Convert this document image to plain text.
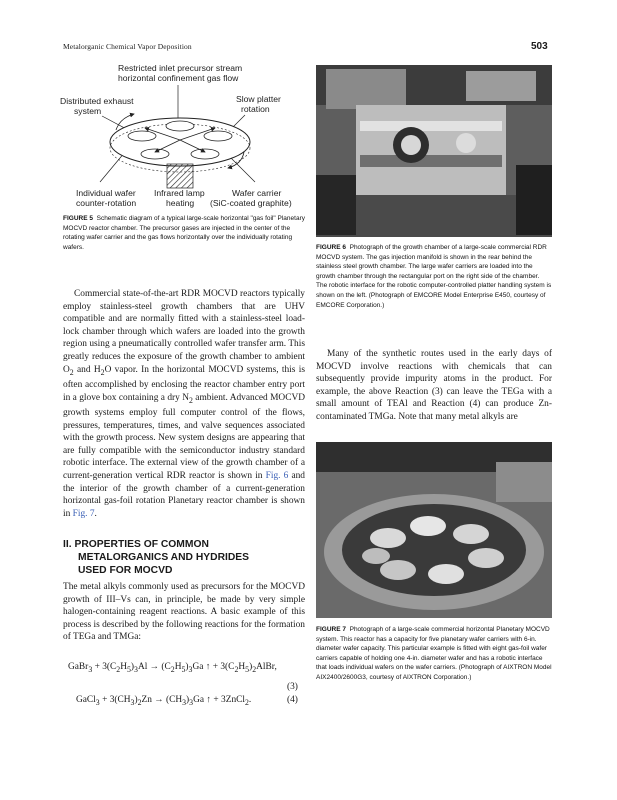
Metalorganic Chemical Vapor Deposition	503
Restricted inlet precursor stream
horizontal confinement gas flow
Distributed exhaust
system
Slow platter
rotation
Individual wafer
counter-rotation
Infrared lamp
heating
Wafer carrier
(SiC-coated graphite)
FIGURE 5 Schematic diagram of a typical large-scale horizontal "gas foil" Planetary MOCVD reactor chamber. The precursor gases are injected in the center of the rotating wafer carrier and the gas flows horizontally over the individually rotating wafers.	FIGURE 6 Photograph of the growth chamber of a large-scale commercial RDR MOCVD system. The gas injection manifold is shown in the rear behind the stainless steel growth chamber. The large wafer carriers are loaded into the growth chamber through the rectangular port on the right side of the chamber. The robotic interface for the robotic computer-controlled platter handling system is shown on the left. (Photograph of EMCORE Model Enterprise E450, courtesy of EMCORE Corporation.)
Commercial state-of-the-art RDR MOCVD reactors typically employ stainless-steel growth chambers that are UHV compatible and are normally fitted with a stainless-steel load-lock chamber through which wafers are loaded into the growth region using a pneumatically controlled wafer transfer arm. This greatly reduces the exposure of the growth chamber to ambient $O_2$ and $H_2O$ vapor. In the horizontal MOCVD systems, this is often accomplished by enclosing the reactor chamber entry port in a glove box containing a dry $N_2$ ambient. Advanced MOCVD growth systems employ full computer control of the flows, pressures, temperatures, times, and valve sequences associated with the growth process. New system designs are appearing that are fully compatible with the semiconductor industry standard robotic interface. The external view of the growth chamber of a current-generation vertical RDR reactor is shown in Fig. 6 and the interior of the growth chamber of a current-generation horizontal gas-foil rotation Planetary reactor chamber is shown in Fig. 7.
Many of the synthetic routes used in the early days of MOCVD involve reactions with chemicals that can subsequently provide impurity atoms in the product. For example, the above Reaction (3) can leave the TEGa with a small amount of TEAl and Reaction (4) can produce Zn-contaminated TMGa. Note that many metal alkyls are
FIGURE 7 Photograph of a large-scale commercial horizontal Planetary MOCVD system. This reactor has a capacity for five planetary wafer carriers with 6-in. diameter wafer capacity. This particular example is fitted with eight gas-foil wafer carriers capable of holding one 4-in. diameter wafer and has a robotic interface that loads individual wafers on the wafer carriers. (Photograph of AIXTRON Model AIX2400/2600G3, courtesy of AIXTRON Corporation.)
II. PROPERTIES OF COMMON
METALORGANICS AND HYDRIDES
USED FOR MOCVD
The metal alkyls commonly used as precursors for the MOCVD growth of III–Vs can, in principle, be made by very simple halogen-containing reagent reactions. A basic example of this process is described by the following reactions for the formation of TEGa and TMGa:
GaBr$_3$ + $3(C_2H_5)_3Al \to (C_2H_5)_3Ga$ ↑ + $3(C_2H_5)_2AlBr$,
(3)
GaCl$_3$ + $3(CH_3)_2Zn \to (CH_3)_3Ga$ ↑ + 3ZnCl$_2$.	(4)
